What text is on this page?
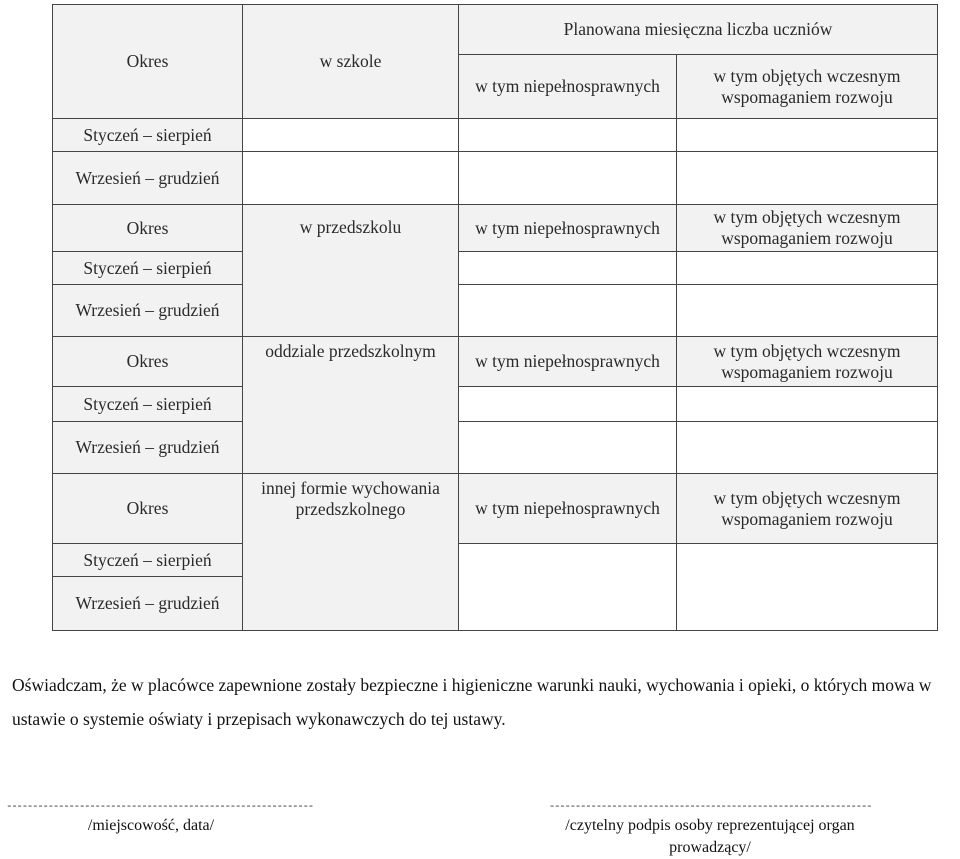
Okres	w szkole	Planowana miesięczna liczba uczniów	
		w tym niepełnosprawnych	w tym objętych wczesnym wspomaganiem rozwoju
Styczeń – sierpień			
Wrzesień – grudzień			
Okres	w przedszkolu	w tym niepełnosprawnych	w tym objętych wczesnym wspomaganiem rozwoju
Styczeń – sierpień			
Wrzesień – grudzień			
Okres	oddziale przedszkolnym	w tym niepełnosprawnych	w tym objętych wczesnym wspomaganiem rozwoju
Styczeń – sierpień			
Wrzesień – grudzień			
Okres	innej formie wychowania przedszkolnego	w tym niepełnosprawnych	w tym objętych wczesnym wspomaganiem rozwoju
Styczeń – sierpień			
Wrzesień – grudzień			
Oświadczam, że w placówce zapewnione zostały bezpieczne i higieniczne warunki nauki, wychowania i opieki, o których mowa w ustawie o systemie oświaty i przepisach wykonawczych do tej ustawy.
-----------------------------------------------------------
/miejscowość, data/
--------------------------------------------------------------
/czytelny podpis osoby reprezentującej organ prowadzący/
